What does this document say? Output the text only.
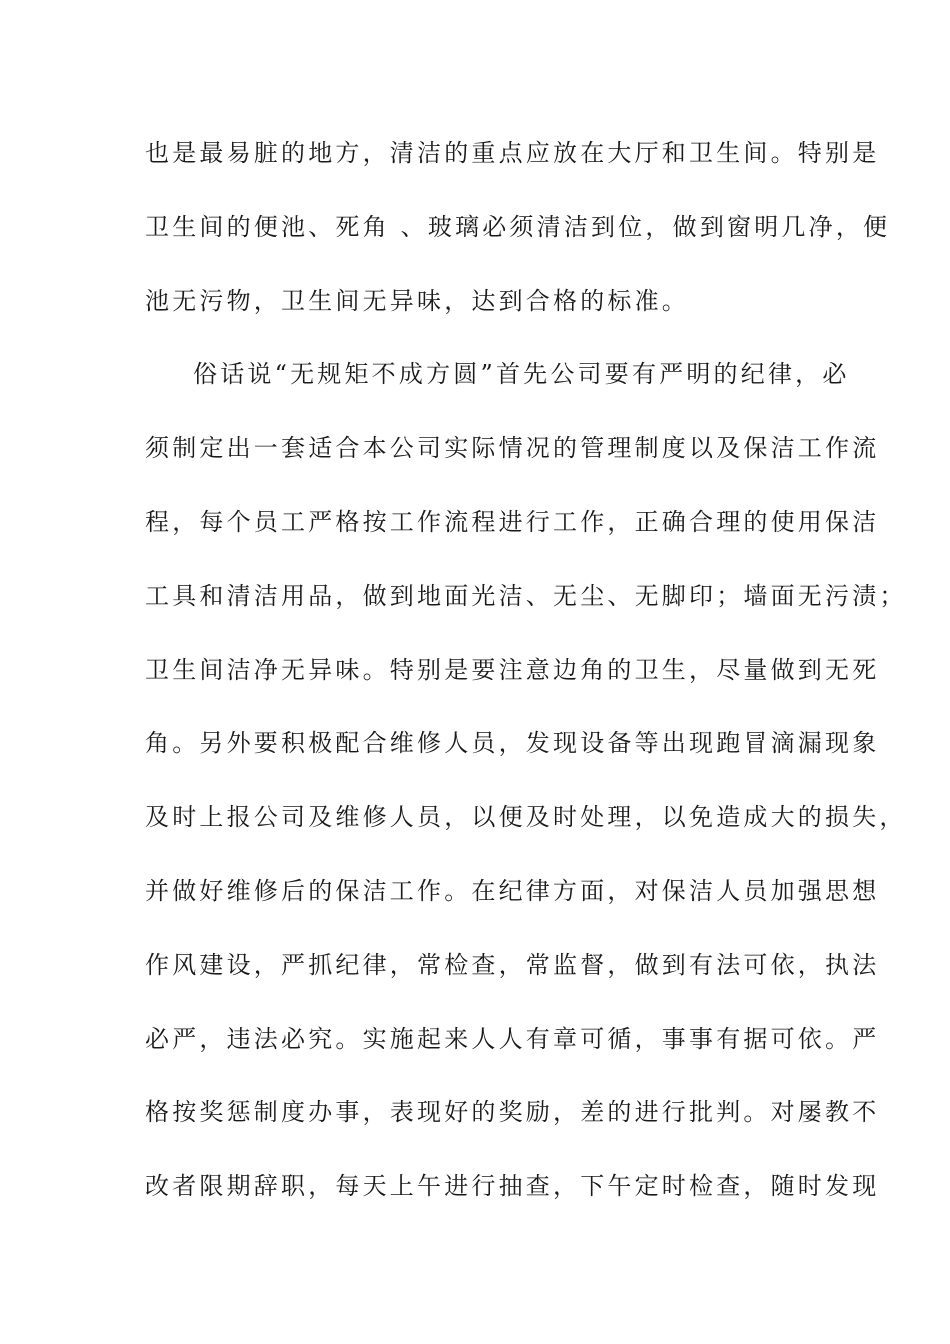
也是最易脏的地方，清洁的重点应放在大厅和卫生间。特别是
卫生间的便池、死角 、玻璃必须清洁到位，做到窗明几净，便
池无污物，卫生间无异味，达到合格的标准。
俗话说“无规矩不成方圆”首先公司要有严明的纪律，必
须制定出一套适合本公司实际情况的管理制度以及保洁工作流
程，每个员工严格按工作流程进行工作，正确合理的使用保洁
工具和清洁用品，做到地面光洁、无尘、无脚印；墙面无污渍；
卫生间洁净无异味。特别是要注意边角的卫生，尽量做到无死
角。另外要积极配合维修人员，发现设备等出现跑冒滴漏现象
及时上报公司及维修人员，以便及时处理，以免造成大的损失，
并做好维修后的保洁工作。在纪律方面，对保洁人员加强思想
作风建设，严抓纪律，常检查，常监督，做到有法可依，执法
必严，违法必究。实施起来人人有章可循，事事有据可依。严
格按奖惩制度办事，表现好的奖励，差的进行批判。对屡教不
改者限期辞职，每天上午进行抽查，下午定时检查，随时发现
